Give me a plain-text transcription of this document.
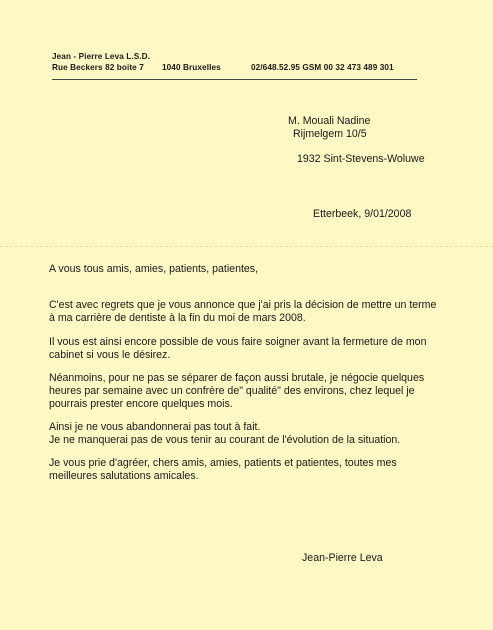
Jean - Pierre Leva L.S.D.
Rue Beckers 82 boite 7 1040 Bruxelles	02/648.52.95 GSM 00 32 473 489 301
M. Mouali Nadine
Rijmelgem 10/5
1932 Sint-Stevens-Woluwe
Etterbeek, 9/01/2008
A vous tous amis, amies, patients, patientes,
C'est avec regrets que je vous annonce que j'ai pris la décision de mettre un terme
à ma carrière de dentiste à la fin du moi de mars 2008.
Il vous est ainsi encore possible de vous faire soigner avant la fermeture de mon
cabinet si vous le désirez.
Néanmoins, pour ne pas se séparer de façon aussi brutale, je négocie quelques
heures par semaine avec un confrère de" qualité" des environs, chez lequel je
pourrais prester encore quelques mois.
Ainsi je ne vous abandonnerai pas tout à fait.
Je ne manquerai pas de vous tenir au courant de l'évolution de la situation.
Je vous prie d'agréer, chers amis, amies, patients et patientes, toutes mes
meilleures salutations amicales.
Jean-Pierre Leva
